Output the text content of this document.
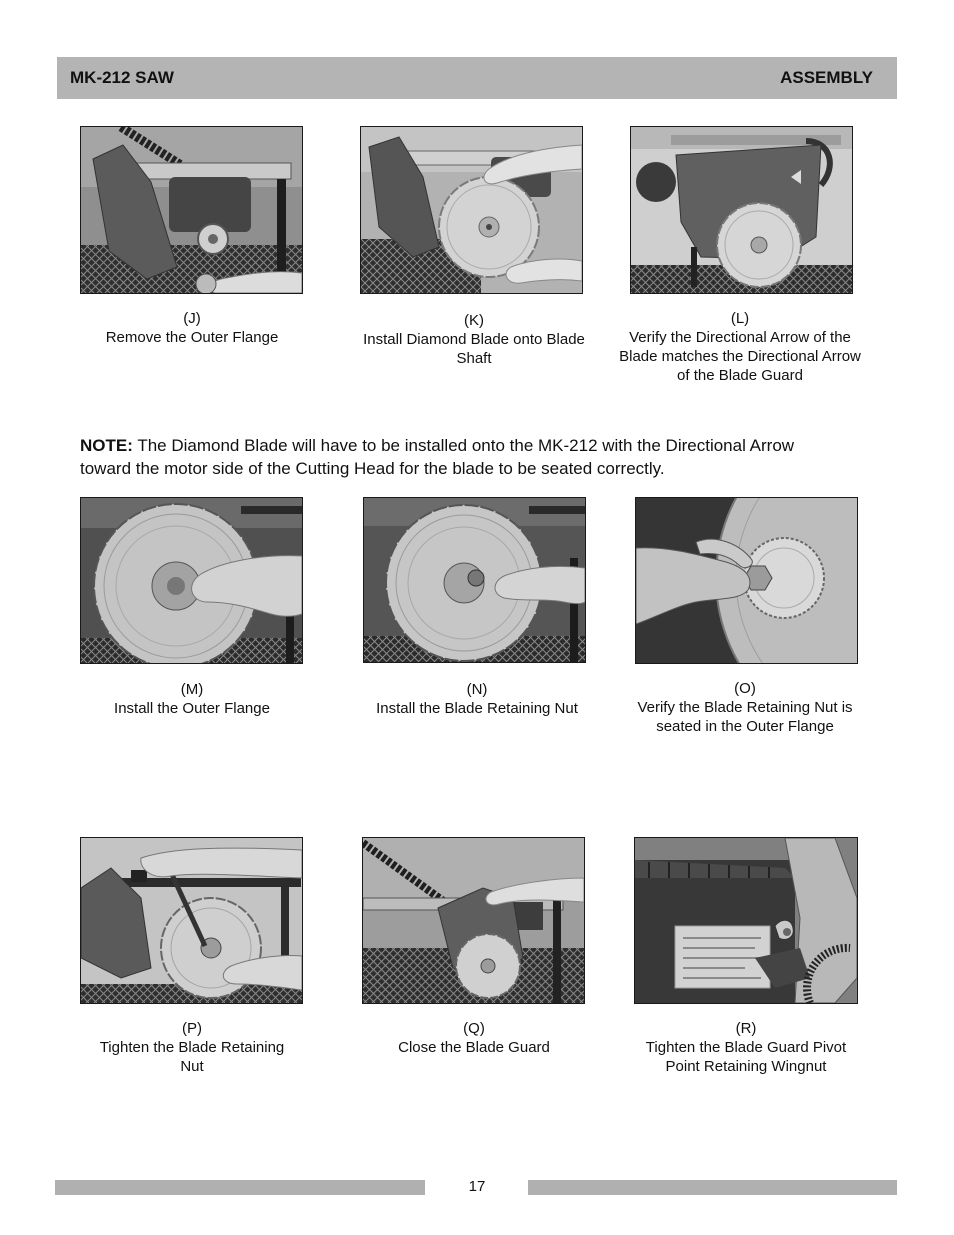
MK-212 SAW	ASSEMBLY
(J)
Remove the Outer Flange
(K)
Install Diamond Blade onto Blade
Shaft
(L)
Verify the Directional Arrow of the
Blade matches the Directional Arrow
of the Blade Guard
NOTE: The Diamond Blade will have to be installed onto the MK-212 with the Directional Arrow
toward the motor side of the Cutting Head for the blade to be seated correctly.
(M)
Install the Outer Flange
(N)
Install the Blade Retaining Nut
(O)
Verify the Blade Retaining Nut is
seated in the Outer Flange
(P)
Tighten the Blade Retaining
Nut
(Q)
Close the Blade Guard
(R)
Tighten the Blade Guard Pivot
Point Retaining Wingnut
17
